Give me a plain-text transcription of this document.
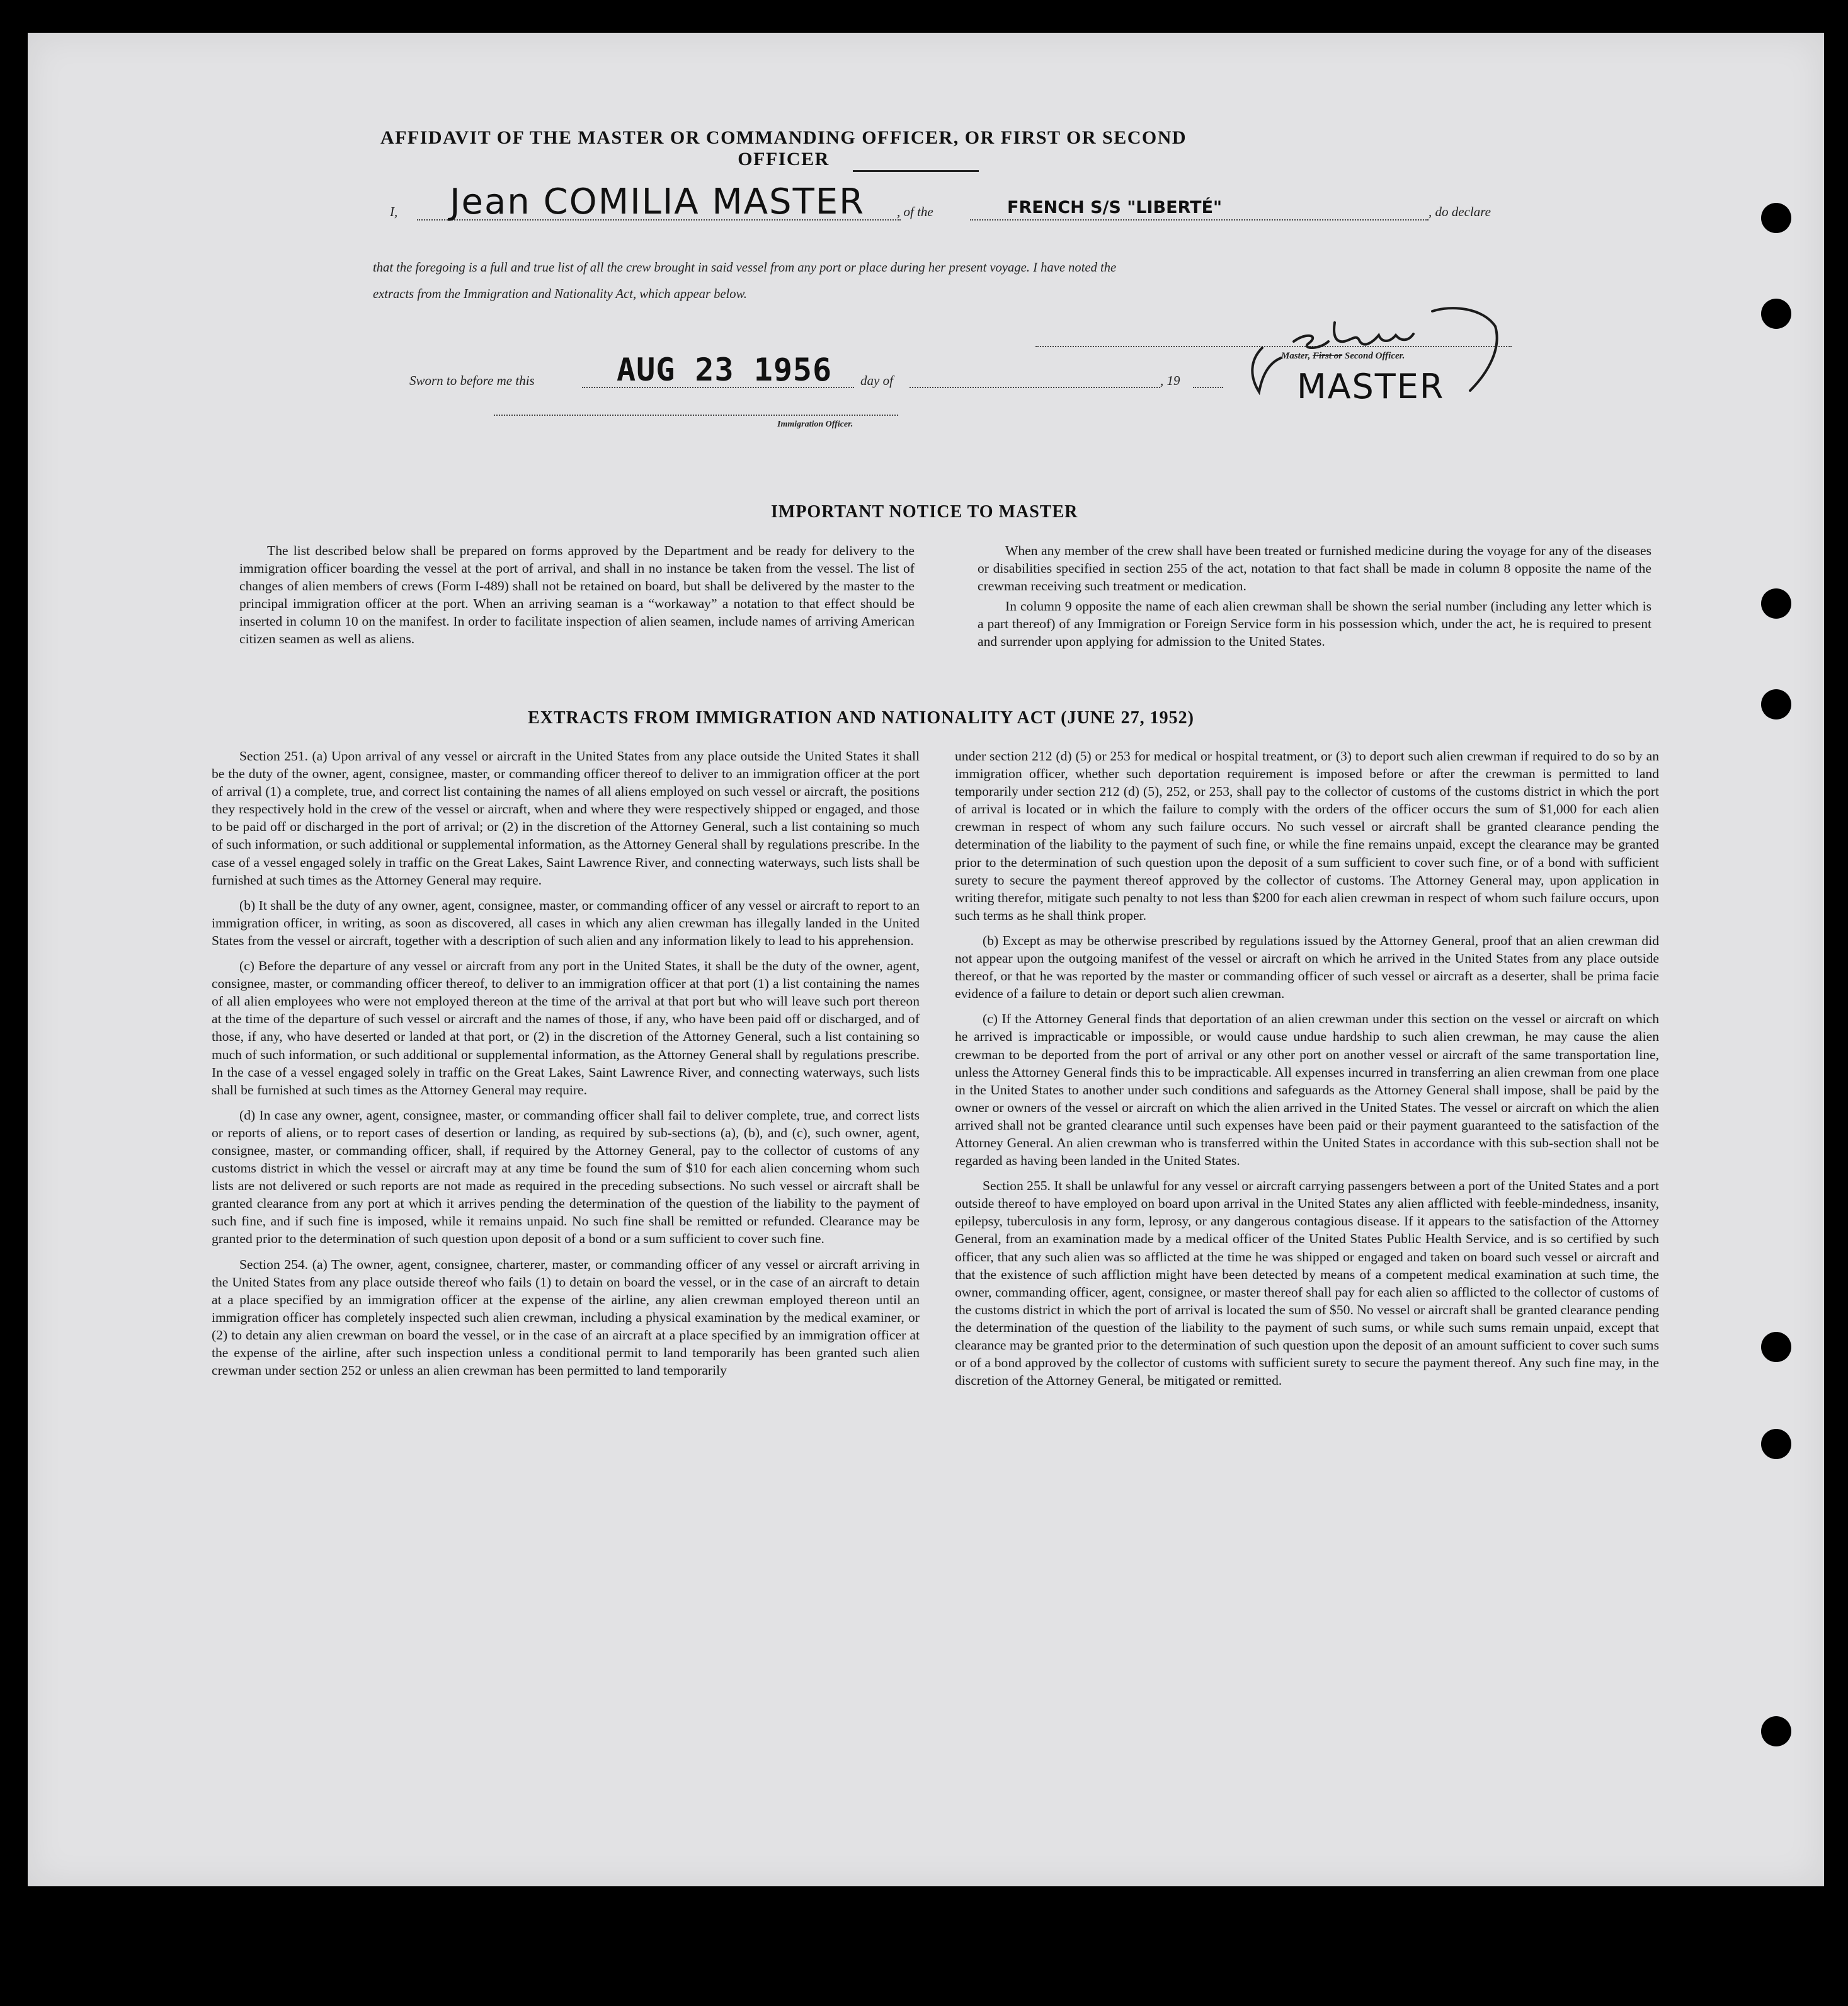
AFFIDAVIT OF THE MASTER OR COMMANDING OFFICER, OR FIRST OR SECOND OFFICER
I, Jean COMILIA MASTER , of the	FRENCH S/S "LIBERTÉ"	, do declare
that the foregoing is a full and true list of all the crew brought in said vessel from any port or place during her present voyage. I have noted the
extracts from the Immigration and Nationality Act, which appear below.
Master, First or Second Officer.
MASTER
Sworn to before me this	AUG 23 1956 day of	, 19
Immigration Officer.
IMPORTANT NOTICE TO MASTER

The list described below shall be prepared on forms approved by the Department and be ready for delivery to the immigration officer boarding the vessel at the port of arrival, and shall in no instance be taken from the vessel. The list of changes of alien members of crews (Form I-489) shall not be retained on board, but shall be delivered by the master to the principal immigration officer at the port. When an arriving seaman is a “workaway” a notation to that effect should be inserted in column 10 on the manifest. In order to facilitate inspection of alien seamen, include names of arriving American citizen seamen as well as aliens.

When any member of the crew shall have been treated or furnished medicine during the voyage for any of the diseases or disabilities specified in section 255 of the act, notation to that fact shall be made in column 8 opposite the name of the crewman receiving such treatment or medication.

In column 9 opposite the name of each alien crewman shall be shown the serial number (including any letter which is a part thereof) of any Immigration or Foreign Service form in his possession which, under the act, he is required to present and surrender upon applying for admission to the United States.

EXTRACTS FROM IMMIGRATION AND NATIONALITY ACT (JUNE 27, 1952)

Section 251. (a) Upon arrival of any vessel or aircraft in the United States from any place outside the United States it shall be the duty of the owner, agent, consignee, master, or commanding officer thereof to deliver to an immigration officer at the port of arrival (1) a complete, true, and correct list containing the names of all aliens employed on such vessel or aircraft, the positions they respectively hold in the crew of the vessel or aircraft, when and where they were respectively shipped or engaged, and those to be paid off or discharged in the port of arrival; or (2) in the discretion of the Attorney General, such a list containing so much of such information, or such additional or supplemental information, as the Attorney General shall by regulations prescribe. In the case of a vessel engaged solely in traffic on the Great Lakes, Saint Lawrence River, and connecting waterways, such lists shall be furnished at such times as the Attorney General may require.

(b) It shall be the duty of any owner, agent, consignee, master, or commanding officer of any vessel or aircraft to report to an immigration officer, in writing, as soon as discovered, all cases in which any alien crewman has illegally landed in the United States from the vessel or aircraft, together with a description of such alien and any information likely to lead to his apprehension.

(c) Before the departure of any vessel or aircraft from any port in the United States, it shall be the duty of the owner, agent, consignee, master, or commanding officer thereof, to deliver to an immigration officer at that port (1) a list containing the names of all alien employees who were not employed thereon at the time of the arrival at that port but who will leave such port thereon at the time of the departure of such vessel or aircraft and the names of those, if any, who have been paid off or discharged, and of those, if any, who have deserted or landed at that port, or (2) in the discretion of the Attorney General, such a list containing so much of such information, or such additional or supplemental information, as the Attorney General shall by regulations prescribe. In the case of a vessel engaged solely in traffic on the Great Lakes, Saint Lawrence River, and connecting waterways, such lists shall be furnished at such times as the Attorney General may require.

(d) In case any owner, agent, consignee, master, or commanding officer shall fail to deliver complete, true, and correct lists or reports of aliens, or to report cases of desertion or landing, as required by sub-sections (a), (b), and (c), such owner, agent, consignee, master, or commanding officer, shall, if required by the Attorney General, pay to the collector of customs of any customs district in which the vessel or aircraft may at any time be found the sum of $10 for each alien concerning whom such lists are not delivered or such reports are not made as required in the preceding subsections. No such vessel or aircraft shall be granted clearance from any port at which it arrives pending the determination of the question of the liability to the payment of such fine, and if such fine is imposed, while it remains unpaid. No such fine shall be remitted or refunded. Clearance may be granted prior to the determination of such question upon deposit of a bond or a sum sufficient to cover such fine.

Section 254. (a) The owner, agent, consignee, charterer, master, or commanding officer of any vessel or aircraft arriving in the United States from any place outside thereof who fails (1) to detain on board the vessel, or in the case of an aircraft to detain at a place specified by an immigration officer at the expense of the airline, any alien crewman employed thereon until an immigration officer has completely inspected such alien crewman, including a physical examination by the medical examiner, or (2) to detain any alien crewman on board the vessel, or in the case of an aircraft at a place specified by an immigration officer at the expense of the airline, after such inspection unless a conditional permit to land temporarily has been granted such alien crewman under section 252 or unless an alien crewman has been permitted to land temporarily

under section 212 (d) (5) or 253 for medical or hospital treatment, or (3) to deport such alien crewman if required to do so by an immigration officer, whether such deportation requirement is imposed before or after the crewman is permitted to land temporarily under section 212 (d) (5), 252, or 253, shall pay to the collector of customs of the customs district in which the port of arrival is located or in which the failure to comply with the orders of the officer occurs the sum of $1,000 for each alien crewman in respect of whom any such failure occurs. No such vessel or aircraft shall be granted clearance pending the determination of the liability to the payment of such fine, or while the fine remains unpaid, except the clearance may be granted prior to the determination of such question upon the deposit of a sum sufficient to cover such fine, or of a bond with sufficient surety to secure the payment thereof approved by the collector of customs. The Attorney General may, upon application in writing therefor, mitigate such penalty to not less than $200 for each alien crewman in respect of whom such failure occurs, upon such terms as he shall think proper.

(b) Except as may be otherwise prescribed by regulations issued by the Attorney General, proof that an alien crewman did not appear upon the outgoing manifest of the vessel or aircraft on which he arrived in the United States from any place outside thereof, or that he was reported by the master or commanding officer of such vessel or aircraft as a deserter, shall be prima facie evidence of a failure to detain or deport such alien crewman.

(c) If the Attorney General finds that deportation of an alien crewman under this section on the vessel or aircraft on which he arrived is impracticable or impossible, or would cause undue hardship to such alien crewman, he may cause the alien crewman to be deported from the port of arrival or any other port on another vessel or aircraft of the same transportation line, unless the Attorney General finds this to be impracticable. All expenses incurred in transferring an alien crewman from one place in the United States to another under such conditions and safeguards as the Attorney General shall impose, shall be paid by the owner or owners of the vessel or aircraft on which the alien arrived in the United States. The vessel or aircraft on which the alien arrived shall not be granted clearance until such expenses have been paid or their payment guaranteed to the satisfaction of the Attorney General. An alien crewman who is transferred within the United States in accordance with this sub-section shall not be regarded as having been landed in the United States.

Section 255. It shall be unlawful for any vessel or aircraft carrying passengers between a port of the United States and a port outside thereof to have employed on board upon arrival in the United States any alien afflicted with feeble-mindedness, insanity, epilepsy, tuberculosis in any form, leprosy, or any dangerous contagious disease. If it appears to the satisfaction of the Attorney General, from an examination made by a medical officer of the United States Public Health Service, and is so certified by such officer, that any such alien was so afflicted at the time he was shipped or engaged and taken on board such vessel or aircraft and that the existence of such affliction might have been detected by means of a competent medical examination at such time, the owner, commanding officer, agent, consignee, or master thereof shall pay for each alien so afflicted to the collector of customs of the customs district in which the port of arrival is located the sum of $50. No vessel or aircraft shall be granted clearance pending the determination of the question of the liability to the payment of such sums, or while such sums remain unpaid, except that clearance may be granted prior to the determination of such question upon the deposit of an amount sufficient to cover such sums or of a bond approved by the collector of customs with sufficient surety to secure the payment thereof. Any such fine may, in the discretion of the Attorney General, be mitigated or remitted.
